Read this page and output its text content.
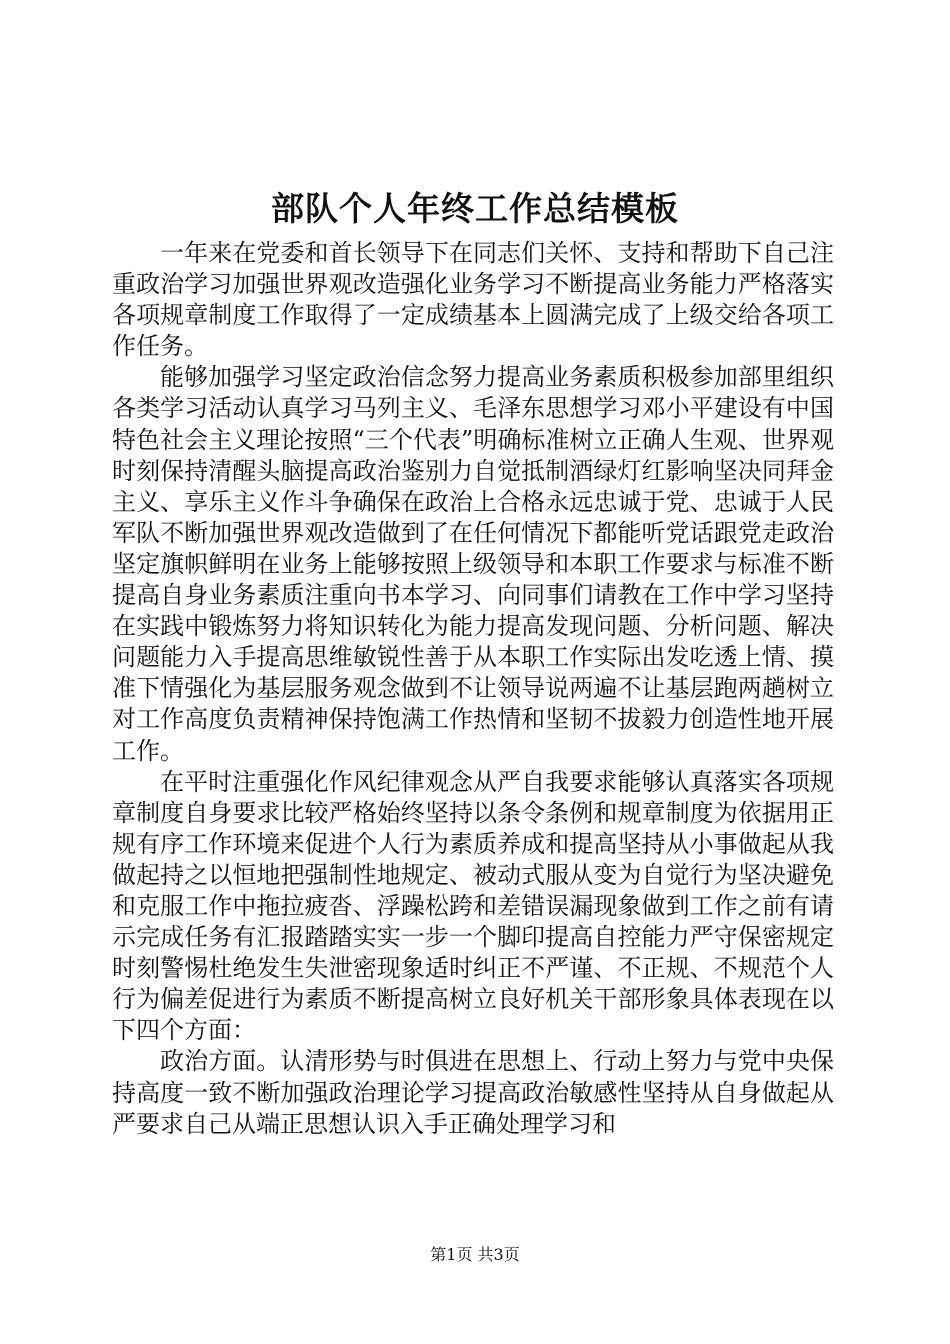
部队个人年终工作总结模板

一年来在党委和首长领导下在同志们关怀、支持和帮助下自己注重政治学习加强世界观改造强化业务学习不断提高业务能力严格落实各项规章制度工作取得了一定成绩基本上圆满完成了上级交给各项工作任务。

能够加强学习坚定政治信念努力提高业务素质积极参加部里组织各类学习活动认真学习马列主义、毛泽东思想学习邓小平建设有中国特色社会主义理论按照“三个代表”明确标准树立正确人生观、世界观时刻保持清醒头脑提高政治鉴别力自觉抵制酒绿灯红影响坚决同拜金主义、享乐主义作斗争确保在政治上合格永远忠诚于党、忠诚于人民军队不断加强世界观改造做到了在任何情况下都能听党话跟党走政治坚定旗帜鲜明在业务上能够按照上级领导和本职工作要求与标准不断提高自身业务素质注重向书本学习、向同事们请教在工作中学习坚持在实践中锻炼努力将知识转化为能力提高发现问题、分析问题、解决问题能力入手提高思维敏锐性善于从本职工作实际出发吃透上情、摸准下情强化为基层服务观念做到不让领导说两遍不让基层跑两趟树立对工作高度负责精神保持饱满工作热情和坚韧不拔毅力创造性地开展工作。

在平时注重强化作风纪律观念从严自我要求能够认真落实各项规章制度自身要求比较严格始终坚持以条令条例和规章制度为依据用正规有序工作环境来促进个人行为素质养成和提高坚持从小事做起从我做起持之以恒地把强制性地规定、被动式服从变为自觉行为坚决避免和克服工作中拖拉疲沓、浮躁松跨和差错误漏现象做到工作之前有请示完成任务有汇报踏踏实实一步一个脚印提高自控能力严守保密规定时刻警惕杜绝发生失泄密现象适时纠正不严谨、不正规、不规范个人行为偏差促进行为素质不断提高树立良好机关干部形象具体表现在以下四个方面：

政治方面。认清形势与时俱进在思想上、行动上努力与党中央保持高度一致不断加强政治理论学习提高政治敏感性坚持从自身做起从严要求自己从端正思想认识入手正确处理学习和

第1页 共3页
